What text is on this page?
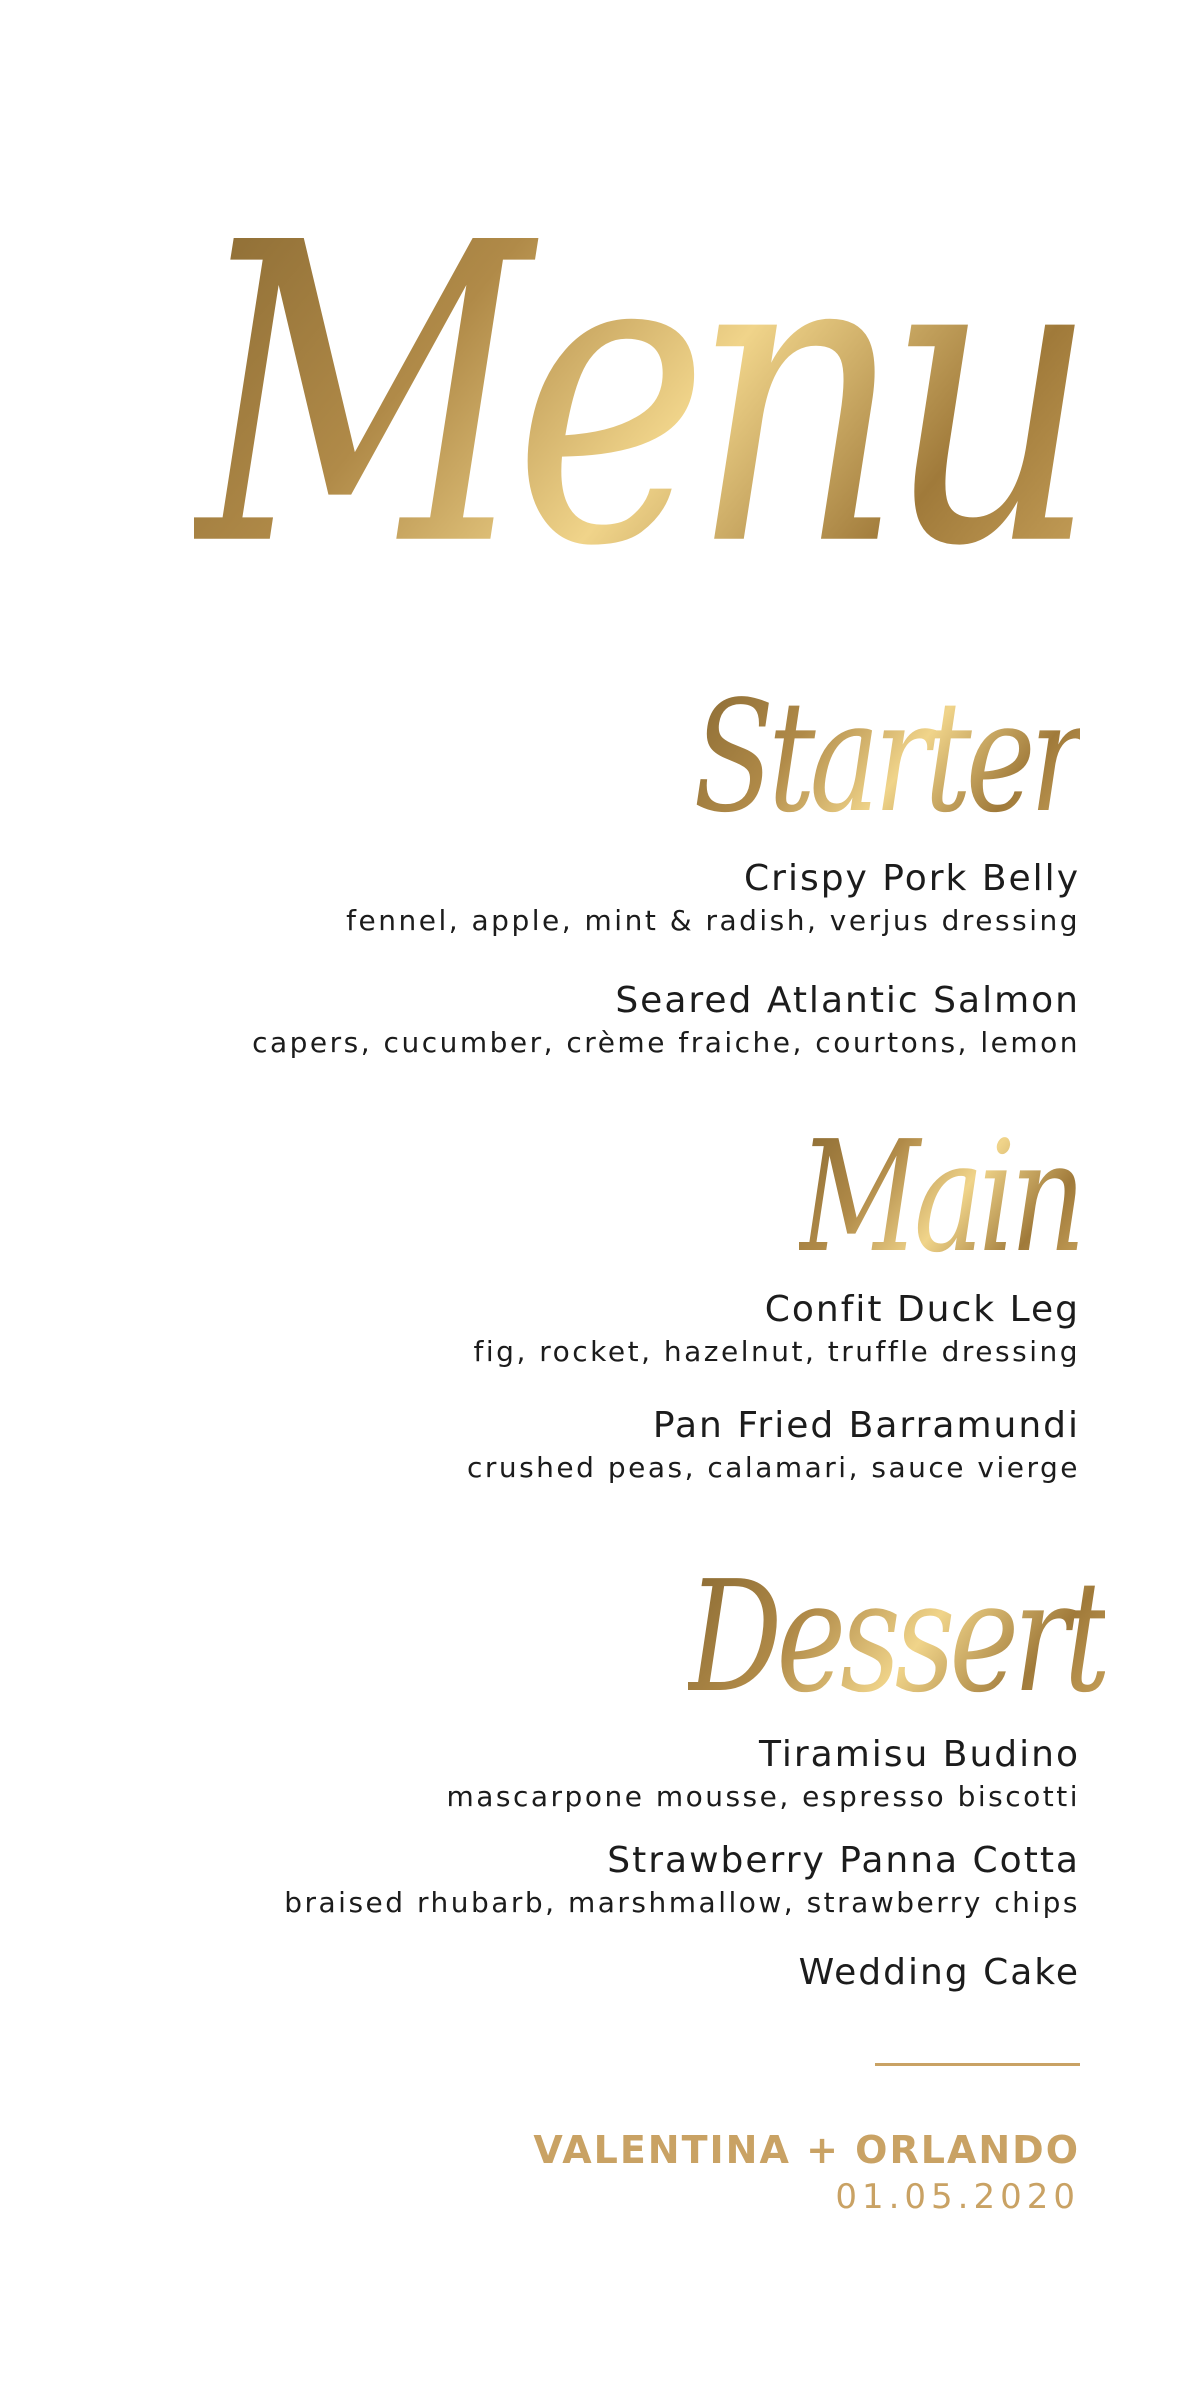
Menu
Starter
Crispy Pork Belly
fennel, apple, mint & radish, verjus dressing
Seared Atlantic Salmon
capers, cucumber, crème fraiche, courtons, lemon
Main
Confit Duck Leg
fig, rocket, hazelnut, truffle dressing
Pan Fried Barramundi
crushed peas, calamari, sauce vierge
Dessert
Tiramisu Budino
mascarpone mousse, espresso biscotti
Strawberry Panna Cotta
braised rhubarb, marshmallow, strawberry chips
Wedding Cake
VALENTINA + ORLANDO
01.05.2020
